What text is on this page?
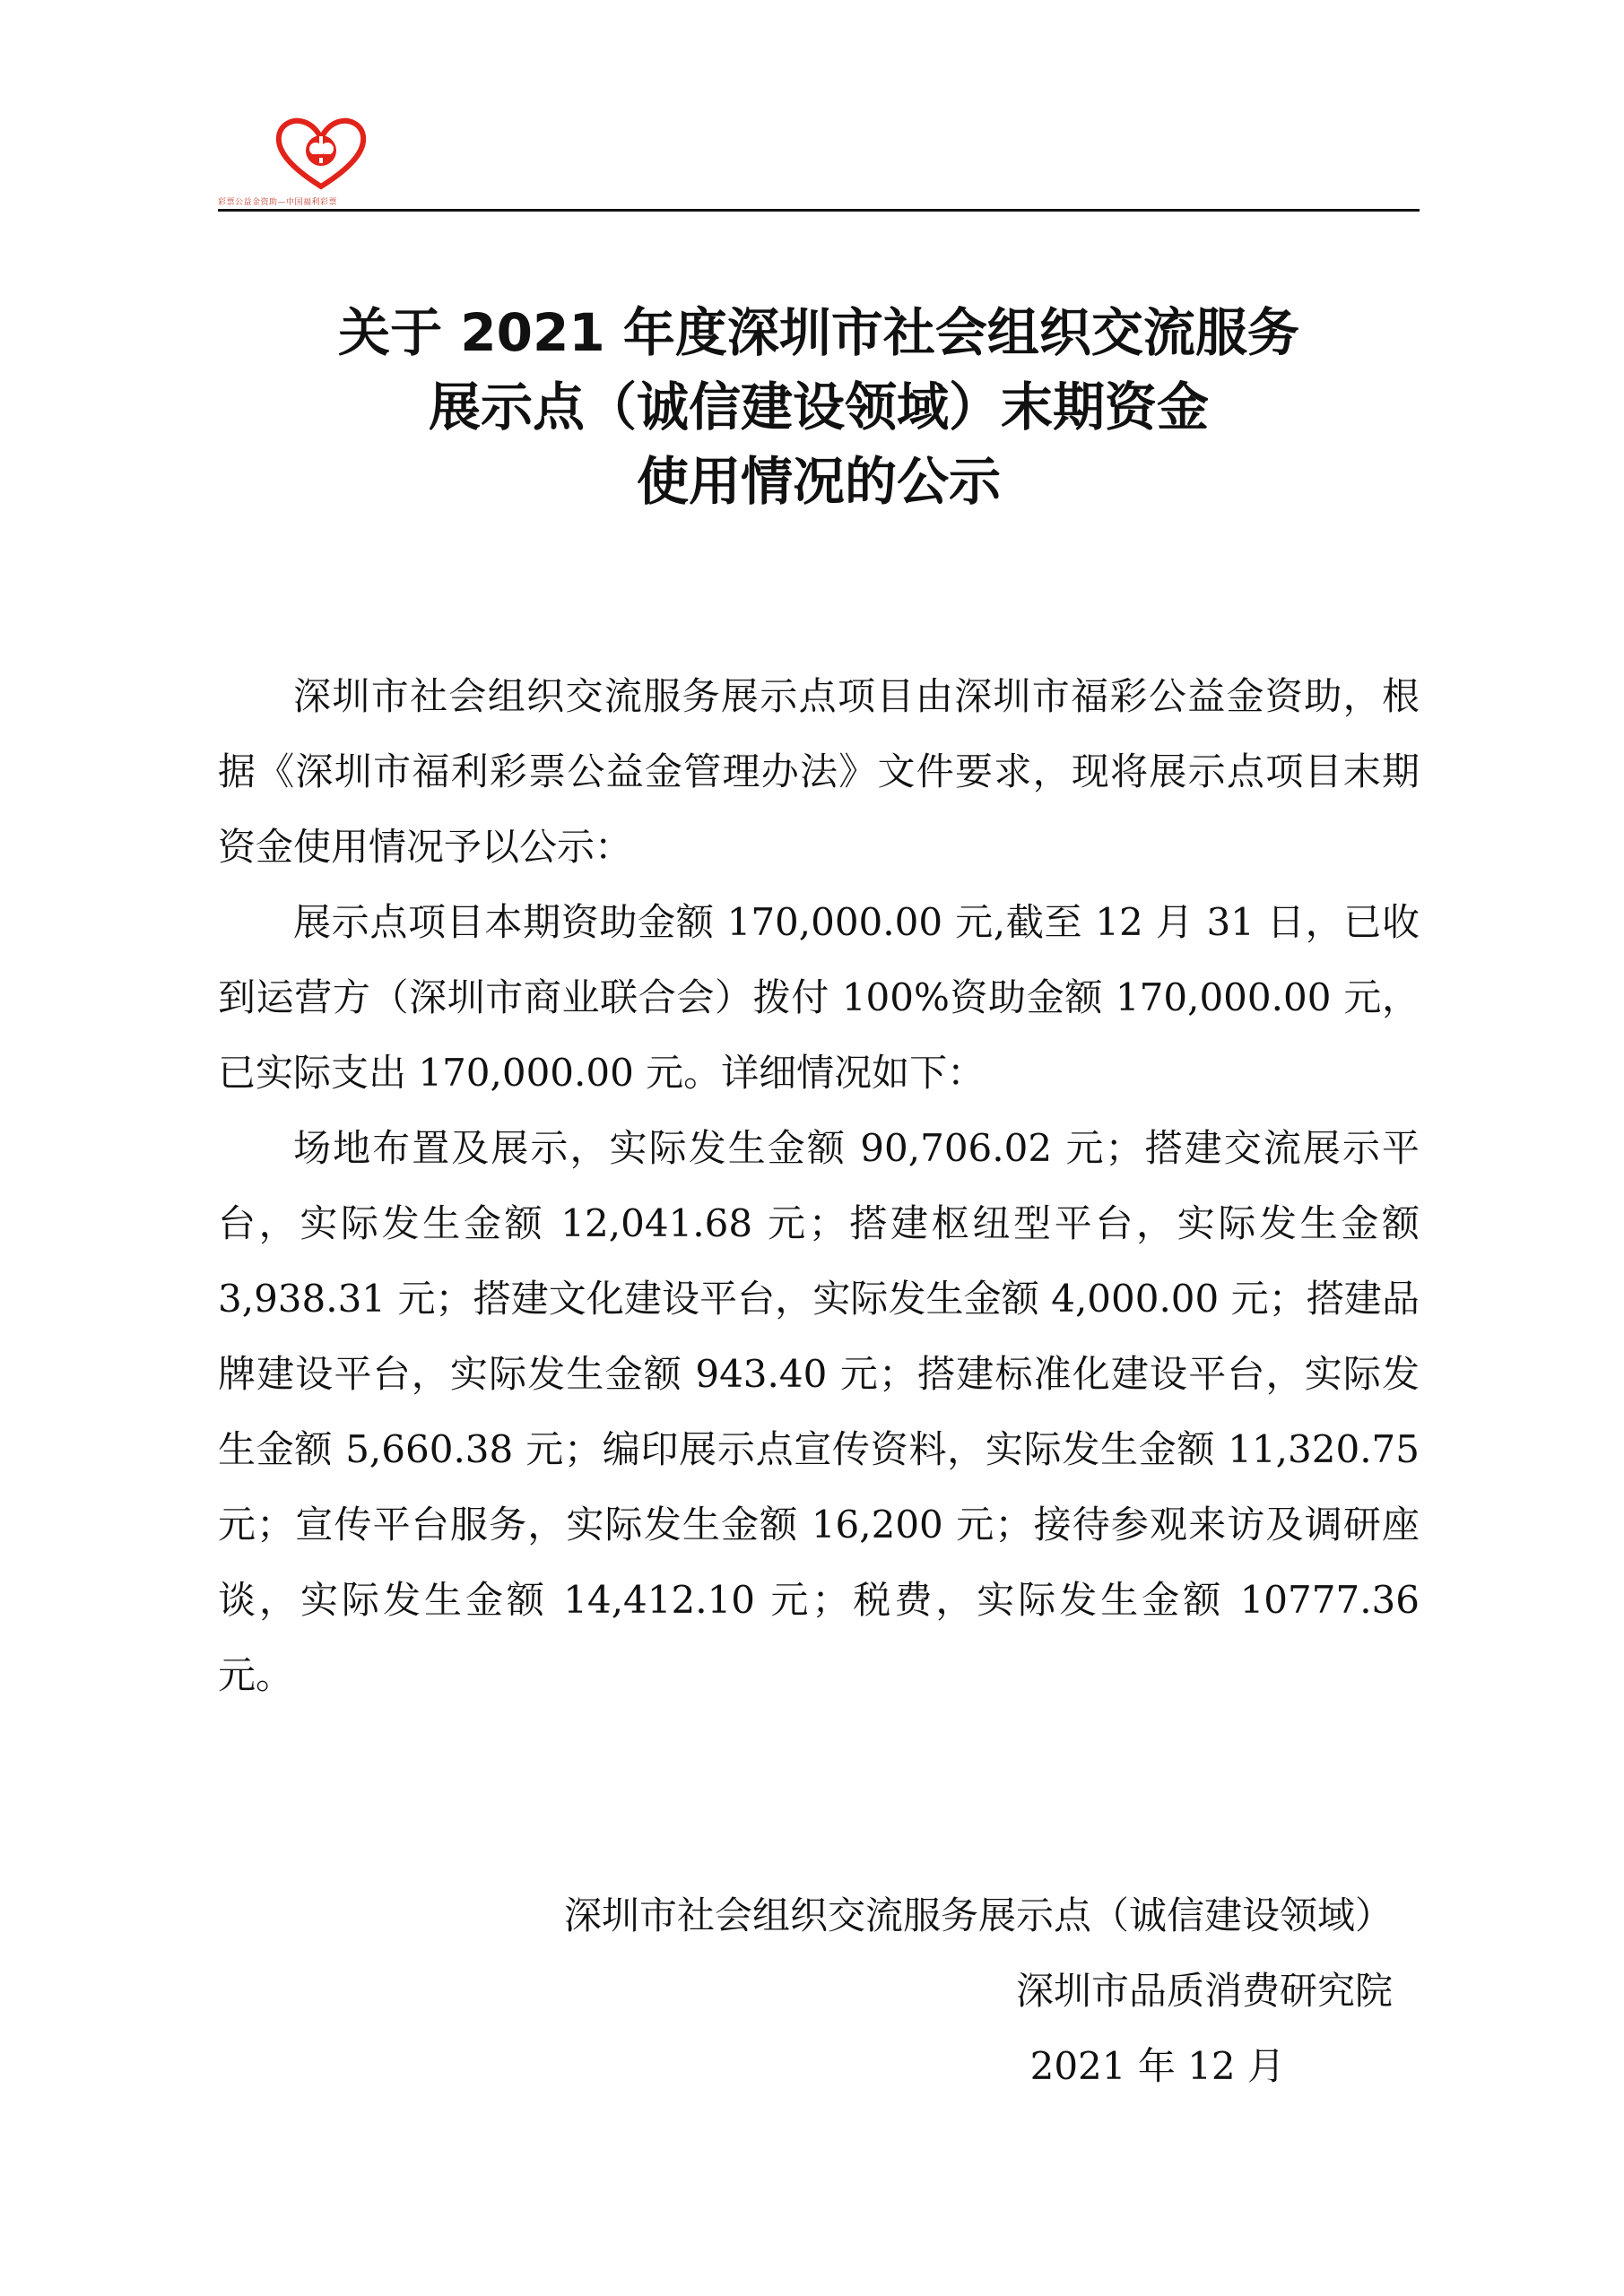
彩票公益金资助—中国福利彩票
关于 2021 年度深圳市社会组织交流服务
展示点（诚信建设领域）末期资金
使用情况的公示

深圳市社会组织交流服务展示点项目由深圳市福彩公益金资助，根据《深圳市福利彩票公益金管理办法》文件要求，现将展示点项目末期资金使用情况予以公示：

展示点项目本期资助金额 170,000.00 元,截至 12 月 31 日，已收到运营方（深圳市商业联合会）拨付 100%资助金额 170,000.00 元，已实际支出 170,000.00 元。详细情况如下：

场地布置及展示，实际发生金额 90,706.02 元；搭建交流展示平台，实际发生金额 12,041.68 元；搭建枢纽型平台，实际发生金额 3,938.31 元；搭建文化建设平台，实际发生金额 4,000.00 元；搭建品牌建设平台，实际发生金额 943.40 元；搭建标准化建设平台，实际发生金额 5,660.38 元；编印展示点宣传资料，实际发生金额 11,320.75 元；宣传平台服务，实际发生金额 16,200 元；接待参观来访及调研座谈，实际发生金额 14,412.10 元；税费，实际发生金额 10777.36 元。

深圳市社会组织交流服务展示点（诚信建设领域）
深圳市品质消费研究院
2021 年 12 月
